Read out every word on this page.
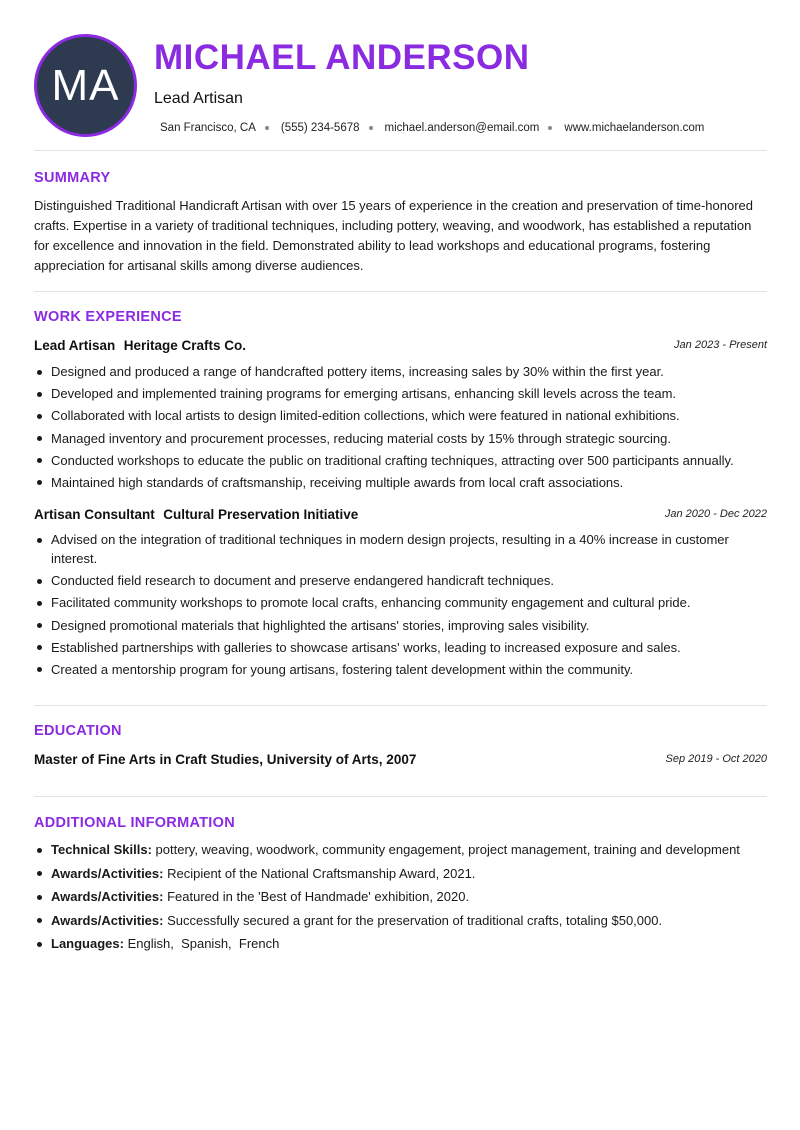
MA
MICHAEL ANDERSON
Lead Artisan
San Francisco, CA (555) 234-5678 michael.anderson@email.com www.michaelanderson.com
SUMMARY
Distinguished Traditional Handicraft Artisan with over 15 years of experience in the creation and preservation of time-honored crafts. Expertise in a variety of traditional techniques, including pottery, weaving, and woodwork, has established a reputation for excellence and innovation in the field. Demonstrated ability to lead workshops and educational programs, fostering appreciation for artisanal skills among diverse audiences.
WORK EXPERIENCE
Lead Artisan Heritage Crafts Co.	Jan 2023 - Present
Designed and produced a range of handcrafted pottery items, increasing sales by 30% within the first year.
Developed and implemented training programs for emerging artisans, enhancing skill levels across the team.
Collaborated with local artists to design limited-edition collections, which were featured in national exhibitions.
Managed inventory and procurement processes, reducing material costs by 15% through strategic sourcing.
Conducted workshops to educate the public on traditional crafting techniques, attracting over 500 participants annually.
Maintained high standards of craftsmanship, receiving multiple awards from local craft associations.
Artisan Consultant Cultural Preservation Initiative	Jan 2020 - Dec 2022
Advised on the integration of traditional techniques in modern design projects, resulting in a 40% increase in customer interest.
Conducted field research to document and preserve endangered handicraft techniques.
Facilitated community workshops to promote local crafts, enhancing community engagement and cultural pride.
Designed promotional materials that highlighted the artisans' stories, improving sales visibility.
Established partnerships with galleries to showcase artisans' works, leading to increased exposure and sales.
Created a mentorship program for young artisans, fostering talent development within the community.
EDUCATION
Master of Fine Arts in Craft Studies, University of Arts, 2007	Sep 2019 - Oct 2020
ADDITIONAL INFORMATION
Technical Skills: pottery, weaving, woodwork, community engagement, project management, training and development
Awards/Activities: Recipient of the National Craftsmanship Award, 2021.
Awards/Activities: Featured in the 'Best of Handmade' exhibition, 2020.
Awards/Activities: Successfully secured a grant for the preservation of traditional crafts, totaling $50,000.
Languages: English,  Spanish,  French
